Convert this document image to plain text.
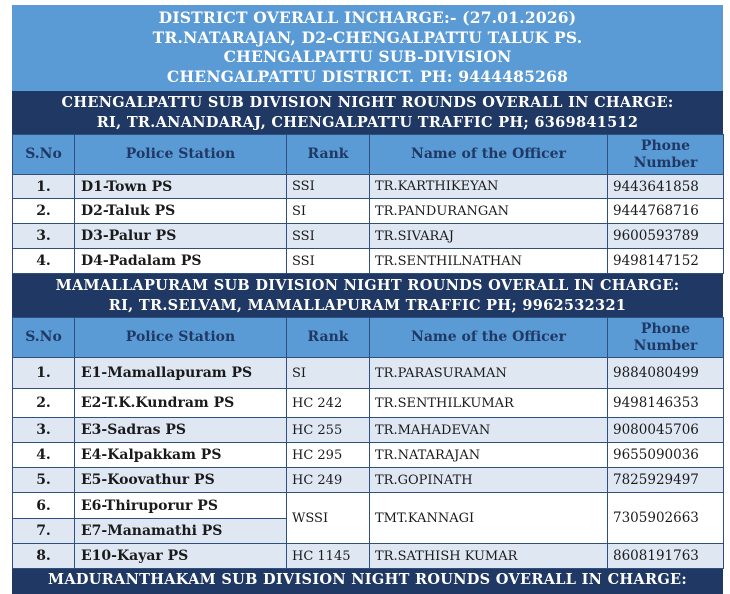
DISTRICT OVERALL INCHARGE:- (27.01.2026)
TR.NATARAJAN, D2-CHENGALPATTU TALUK PS.
CHENGALPATTU SUB-DIVISION
CHENGALPATTU DISTRICT. PH: 9444485268
CHENGALPATTU SUB DIVISION NIGHT ROUNDS OVERALL IN CHARGE:
RI, TR.ANANDARAJ, CHENGALPATTU TRAFFIC PH; 6369841512
S.No	Police Station	Rank	Name of the Officer	Phone
Number

1.	D1-Town PS	SSI	TR.KARTHIKEYAN	9443641858
2.	D2-Taluk PS	SI	TR.PANDURANGAN	9444768716
3.	D3-Palur PS	SSI	TR.SIVARAJ	9600593789
4.	D4-Padalam PS	SSI	TR.SENTHILNATHAN	9498147152
MAMALLAPURAM SUB DIVISION NIGHT ROUNDS OVERALL IN CHARGE:
RI, TR.SELVAM, MAMALLAPURAM TRAFFIC PH; 9962532321
S.No	Police Station	Rank	Name of the Officer	Phone
Number

1.	E1-Mamallapuram PS	SI	TR.PARASURAMAN	9884080499
2.	E2-T.K.Kundram PS	HC 242	TR.SENTHILKUMAR	9498146353
3.	E3-Sadras PS	HC 255	TR.MAHADEVAN	9080045706
4.	E4-Kalpakkam PS	HC 295	TR.NATARAJAN	9655090036
5.	E5-Koovathur PS	HC 249	TR.GOPINATH	7825929497
6.	E6-Thiruporur PS	WSSI	TMT.KANNAGI	7305902663
7.	E7-Manamathi PS			
8.	E10-Kayar PS	HC 1145	TR.SATHISH KUMAR	8608191763
MADURANTHAKAM SUB DIVISION NIGHT ROUNDS OVERALL IN CHARGE:
